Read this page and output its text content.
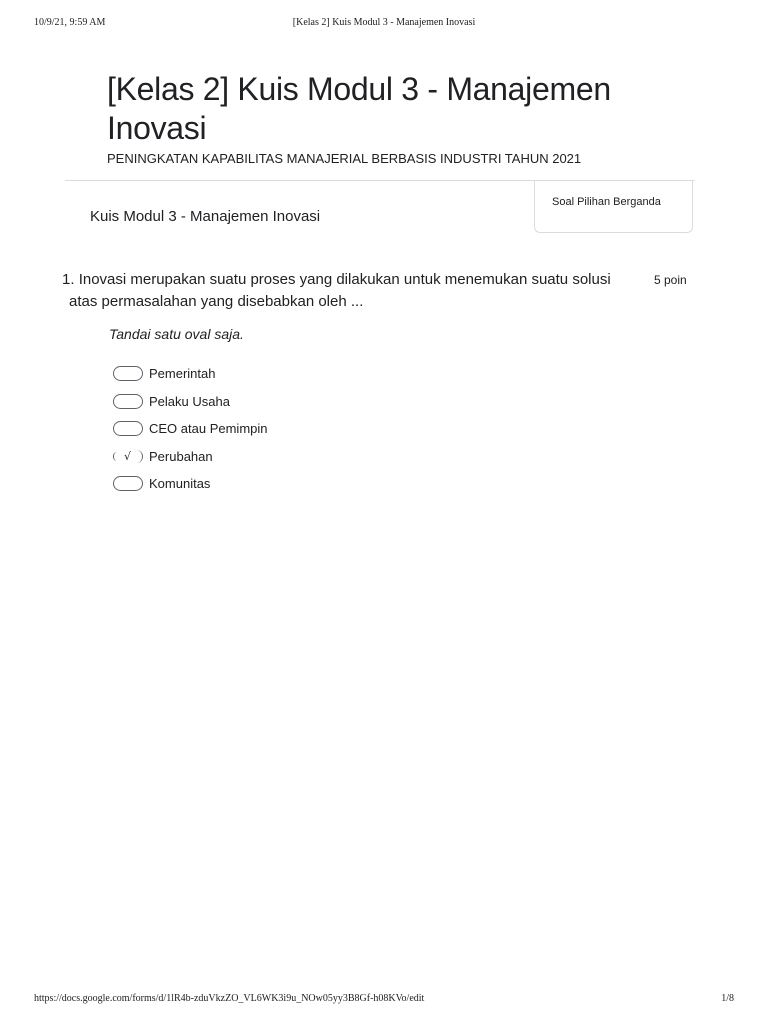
10/9/21, 9:59 AM	[Kelas 2] Kuis Modul 3 - Manajemen Inovasi
[Kelas 2] Kuis Modul 3 - Manajemen Inovasi
PENINGKATAN KAPABILITAS MANAJERIAL BERBASIS INDUSTRI TAHUN 2021
Soal Pilihan Berganda
Kuis Modul 3 - Manajemen Inovasi
1. Inovasi merupakan suatu proses yang dilakukan untuk menemukan suatu solusi
atas permasalahan yang disebabkan oleh ...
5 poin
Tandai satu oval saja.
Pemerintah
Pelaku Usaha
CEO atau Pemimpin
√ Perubahan
Komunitas
https://docs.google.com/forms/d/1lR4b-zduVkzZO_VL6WK3i9u_NOw05yy3B8Gf-h08KVo/edit	1/8
